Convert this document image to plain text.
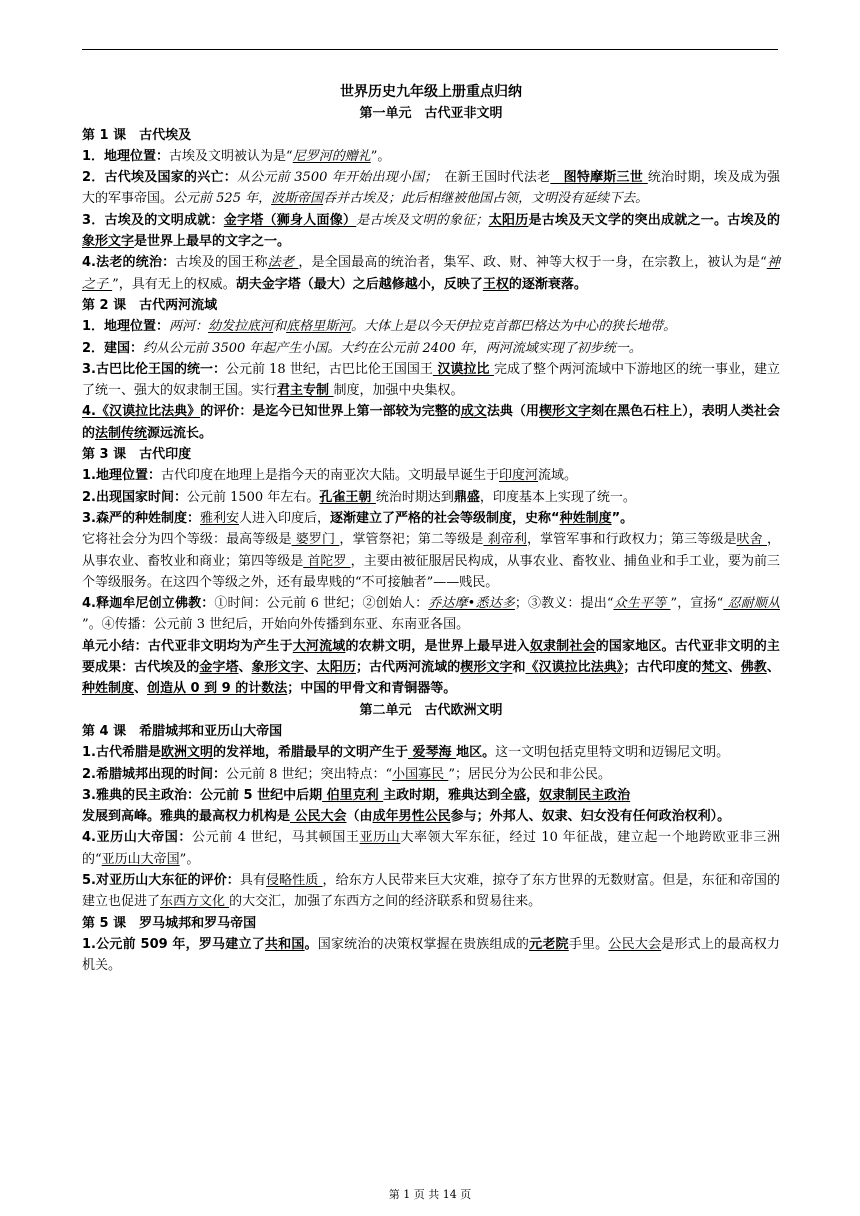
世界历史九年级上册重点归纳

第一单元　古代亚非文明

第 1 课　古代埃及

1．地理位置：古埃及文明被认为是“尼罗河的赠礼”。

2．古代埃及国家的兴亡：从公元前 3500 年开始出现小国；　在新王国时代法老　图特摩斯三世 统治时期，埃及成为强大的军事帝国。公元前 525 年，波斯帝国吞并古埃及；此后相继被他国占领，文明没有延续下去。

3．古埃及的文明成就：金字塔（狮身人面像）是古埃及文明的象征；太阳历是古埃及天文学的突出成就之一。古埃及的象形文字是世界上最早的文字之一。

4.法老的统治：古埃及的国王称法老 ，是全国最高的统治者，集军、政、财、神等大权于一身，在宗教上，被认为是“神之子 ”，具有无上的权威。胡夫金字塔（最大）之后越修越小，反映了王权的逐渐衰落。

第 2 课　古代两河流域

1．地理位置：两河：幼发拉底河和底格里斯河。大体上是以今天伊拉克首都巴格达为中心的狭长地带。

2．建国：约从公元前 3500 年起产生小国。大约在公元前 2400 年，两河流域实现了初步统一。

3.古巴比伦王国的统一：公元前 18 世纪，古巴比伦王国国王 汉谟拉比 完成了整个两河流域中下游地区的统一事业，建立了统一、强大的奴隶制王国。实行君主专制 制度，加强中央集权。

4.《汉谟拉比法典》的评价：是迄今已知世界上第一部较为完整的成文法典（用楔形文字刻在黑色石柱上），表明人类社会的法制传统源远流长。

第 3 课　古代印度

1.地理位置：古代印度在地理上是指今天的南亚次大陆。文明最早诞生于印度河流域。

2.出现国家时间：公元前 1500 年左右。孔雀王朝 统治时期达到鼎盛，印度基本上实现了统一。

3.森严的种姓制度：雅利安人进入印度后，逐渐建立了严格的社会等级制度，史称“种姓制度”。

它将社会分为四个等级：最高等级是 婆罗门 ，掌管祭祀；第二等级是 刹帝利，掌管军事和行政权力；第三等级是吠舍 ，从事农业、畜牧业和商业；第四等级是 首陀罗 ，主要由被征服居民构成，从事农业、畜牧业、捕鱼业和手工业，要为前三个等级服务。在这四个等级之外，还有最卑贱的“不可接触者”——贱民。

4.释迦牟尼创立佛教：①时间：公元前 6 世纪；②创始人：乔达摩•悉达多；③教义：提出“众生平等 ”，宣扬“ 忍耐顺从 ”。④传播：公元前 3 世纪后，开始向外传播到东亚、东南亚各国。

单元小结：古代亚非文明均为产生于大河流域的农耕文明，是世界上最早进入奴隶制社会的国家地区。古代亚非文明的主要成果：古代埃及的金字塔、象形文字、太阳历；古代两河流域的楔形文字和《汉谟拉比法典》；古代印度的梵文、佛教、种姓制度、创造从 0 到 9 的计数法；中国的甲骨文和青铜器等。

第二单元　古代欧洲文明

第 4 课　希腊城邦和亚历山大帝国

1.古代希腊是欧洲文明的发祥地，希腊最早的文明产生于 爱琴海 地区。这一文明包括克里特文明和迈锡尼文明。

2.希腊城邦出现的时间：公元前 8 世纪；突出特点：“小国寡民 ”；居民分为公民和非公民。

3.雅典的民主政治：公元前 5 世纪中后期 伯里克利 主政时期，雅典达到全盛，奴隶制民主政治

发展到高峰。雅典的最高权力机构是 公民大会（由成年男性公民参与；外邦人、奴隶、妇女没有任何政治权利）。

4.亚历山大帝国：公元前 4 世纪，马其顿国王亚历山大率领大军东征，经过 10 年征战，建立起一个地跨欧亚非三洲的“亚历山大帝国”。

5.对亚历山大东征的评价：具有侵略性质 ，给东方人民带来巨大灾难，掠夺了东方世界的无数财富。但是，东征和帝国的建立也促进了东西方文化 的大交汇，加强了东西方之间的经济联系和贸易往来。

第 5 课　罗马城邦和罗马帝国

1.公元前 509 年，罗马建立了共和国。国家统治的决策权掌握在贵族组成的元老院手里。公民大会是形式上的最高权力机关。

第 1 页 共 14 页
